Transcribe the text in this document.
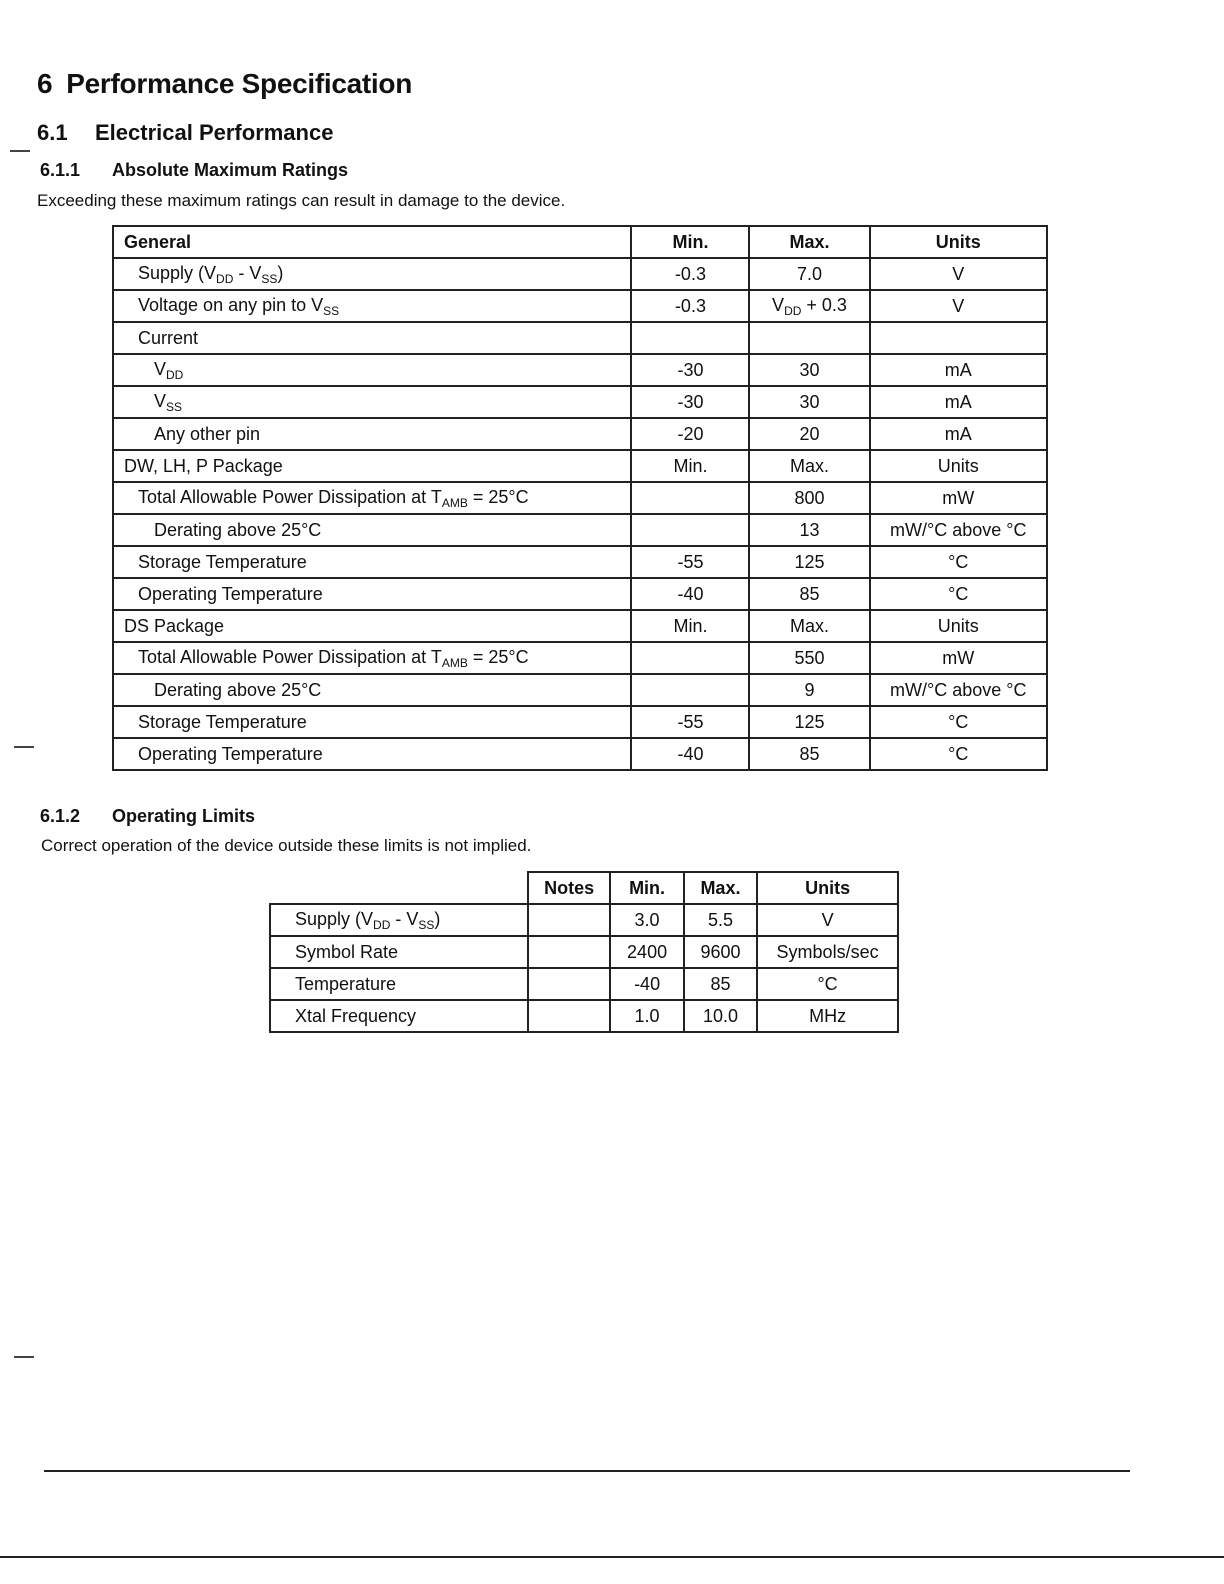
6 Performance Specification
6.1 Electrical Performance
6.1.1 Absolute Maximum Ratings
Exceeding these maximum ratings can result in damage to the device.
General	Min.	Max.	Units
Supply $(V_{DD} - V_{SS})$	-0.3	7.0	V
Voltage on any pin to $V_{SS}$	-0.3	$V_{DD} + 0.3$	V
Current			
$V_{DD}$	-30	30	mA
$V_{SS}$	-30	30	mA
Any other pin	-20	20	mA
DW, LH, P Package	Min.	Max.	Units
Total Allowable Power Dissipation at $T_{AMB} = 25^\circ C$		800	mW
Derating above 25°C		13	mW/°C above °C
Storage Temperature	-55	125	°C
Operating Temperature	-40	85	°C
DS Package	Min.	Max.	Units
Total Allowable Power Dissipation at $T_{AMB} = 25^\circ C$		550	mW
Derating above 25°C		9	mW/°C above °C
Storage Temperature	-55	125	°C
Operating Temperature	-40	85	°C
6.1.2 Operating Limits
Correct operation of the device outside these limits is not implied.
	Notes	Min.	Max.	Units
Supply $(V_{DD} - V_{SS})$		3.0	5.5	V
Symbol Rate		2400	9600	Symbols/sec
Temperature		-40	85	°C
Xtal Frequency		1.0	10.0	MHz
